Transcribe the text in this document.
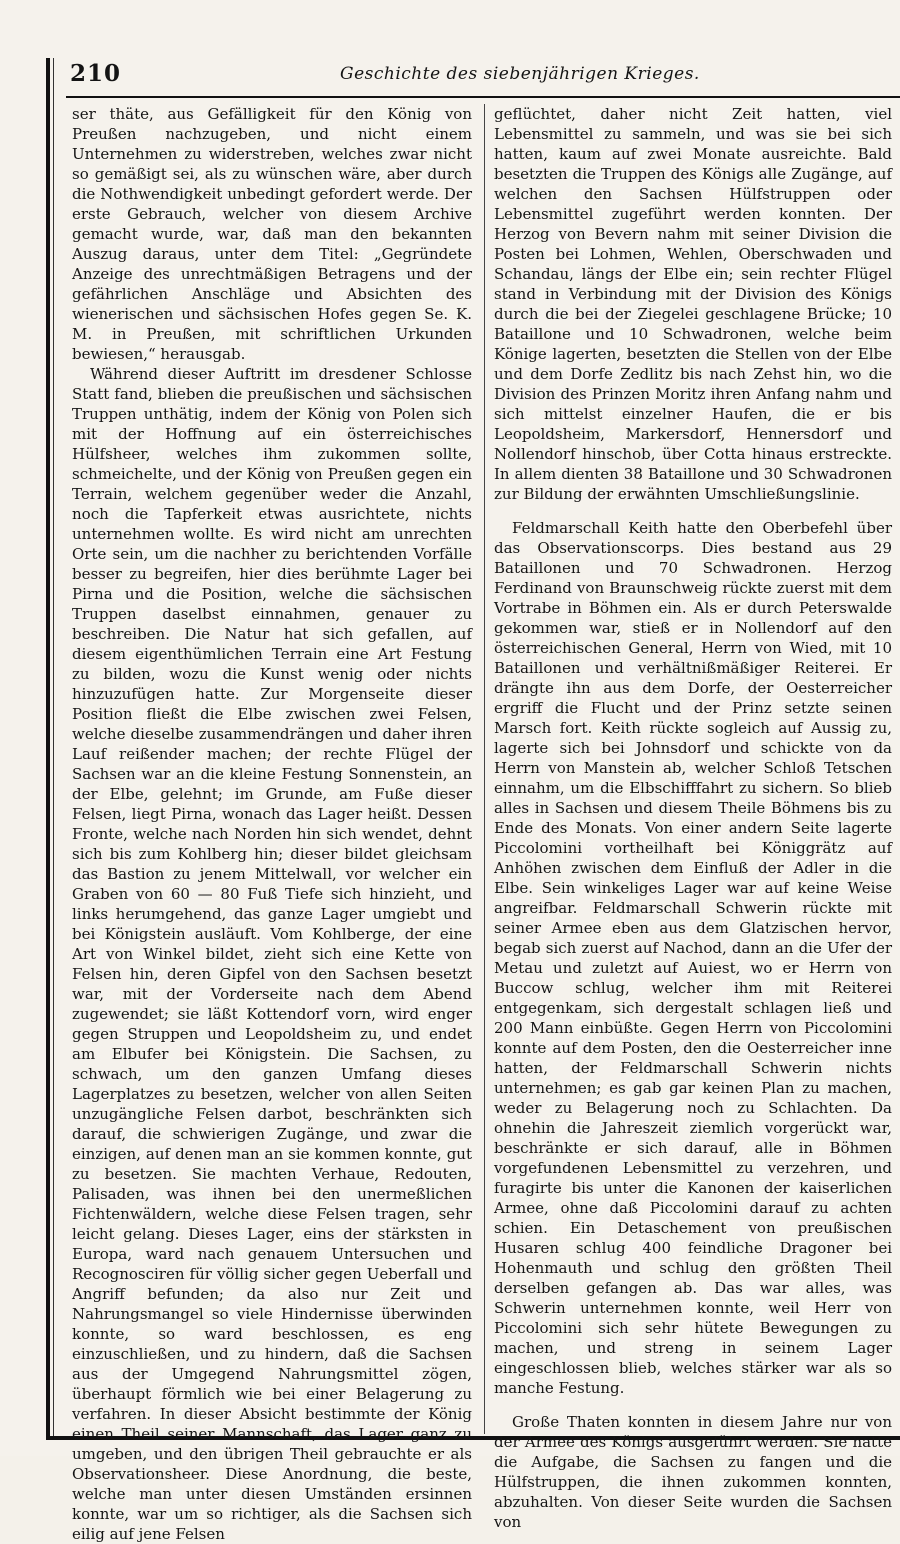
210	Geschichte des siebenjährigen Krieges.

ser thäte, aus Gefälligkeit für den König von Preußen nachzugeben, und nicht einem Unternehmen zu widerstreben, welches zwar nicht so gemäßigt sei, als zu wünschen wäre, aber durch die Nothwendigkeit unbedingt gefordert werde. Der erste Gebrauch, welcher von diesem Archive gemacht wurde, war, daß man den bekannten Auszug daraus, unter dem Titel: „Gegründete Anzeige des unrechtmäßigen Betragens und der gefährlichen Anschläge und Absichten des wienerischen und sächsischen Hofes gegen Se. K. M. in Preußen, mit schriftlichen Urkunden bewiesen,“ herausgab.

Während dieser Auftritt im dresdener Schlosse Statt fand, blieben die preußischen und sächsischen Truppen unthätig, indem der König von Polen sich mit der Hoffnung auf ein österreichisches Hülfsheer, welches ihm zukommen sollte, schmeichelte, und der König von Preußen gegen ein Terrain, welchem gegenüber weder die Anzahl, noch die Tapferkeit etwas ausrichtete, nichts unternehmen wollte. Es wird nicht am unrechten Orte sein, um die nachher zu berichtenden Vorfälle besser zu begreifen, hier dies berühmte Lager bei Pirna und die Position, welche die sächsischen Truppen daselbst einnahmen, genauer zu beschreiben. Die Natur hat sich gefallen, auf diesem eigenthümlichen Terrain eine Art Festung zu bilden, wozu die Kunst wenig oder nichts hinzuzufügen hatte. Zur Morgenseite dieser Position fließt die Elbe zwischen zwei Felsen, welche dieselbe zusammendrängen und daher ihren Lauf reißender machen; der rechte Flügel der Sachsen war an die kleine Festung Sonnenstein, an der Elbe, gelehnt; im Grunde, am Fuße dieser Felsen, liegt Pirna, wonach das Lager heißt. Dessen Fronte, welche nach Norden hin sich wendet, dehnt sich bis zum Kohlberg hin; dieser bildet gleichsam das Bastion zu jenem Mittelwall, vor welcher ein Graben von 60 — 80 Fuß Tiefe sich hinzieht, und links herumgehend, das ganze Lager umgiebt und bei Königstein ausläuft. Vom Kohlberge, der eine Art von Winkel bildet, zieht sich eine Kette von Felsen hin, deren Gipfel von den Sachsen besetzt war, mit der Vorderseite nach dem Abend zugewendet; sie läßt Kottendorf vorn, wird enger gegen Struppen und Leopoldsheim zu, und endet am Elbufer bei Königstein. Die Sachsen, zu schwach, um den ganzen Umfang dieses Lagerplatzes zu besetzen, welcher von allen Seiten unzugängliche Felsen darbot, beschränkten sich darauf, die schwierigen Zugänge, und zwar die einzigen, auf denen man an sie kommen konnte, gut zu besetzen. Sie machten Verhaue, Redouten, Palisaden, was ihnen bei den unermeßlichen Fichtenwäldern, welche diese Felsen tragen, sehr leicht gelang. Dieses Lager, eins der stärksten in Europa, ward nach genauem Untersuchen und Recognosciren für völlig sicher gegen Ueberfall und Angriff befunden; da also nur Zeit und Nahrungsmangel so viele Hindernisse überwinden konnte, so ward beschlossen, es eng einzuschließen, und zu hindern, daß die Sachsen aus der Umgegend Nahrungsmittel zögen, überhaupt förmlich wie bei einer Belagerung zu verfahren. In dieser Absicht bestimmte der König einen Theil seiner Mannschaft, das Lager ganz zu umgeben, und den übrigen Theil gebrauchte er als Observationsheer. Diese Anordnung, die beste, welche man unter diesen Umständen ersinnen konnte, war um so richtiger, als die Sachsen sich eilig auf jene Felsen

geflüchtet, daher nicht Zeit hatten, viel Lebensmittel zu sammeln, und was sie bei sich hatten, kaum auf zwei Monate ausreichte. Bald besetzten die Truppen des Königs alle Zugänge, auf welchen den Sachsen Hülfstruppen oder Lebensmittel zugeführt werden konnten. Der Herzog von Bevern nahm mit seiner Division die Posten bei Lohmen, Wehlen, Oberschwaden und Schandau, längs der Elbe ein; sein rechter Flügel stand in Verbindung mit der Division des Königs durch die bei der Ziegelei geschlagene Brücke; 10 Bataillone und 10 Schwadronen, welche beim Könige lagerten, besetzten die Stellen von der Elbe und dem Dorfe Zedlitz bis nach Zehst hin, wo die Division des Prinzen Moritz ihren Anfang nahm und sich mittelst einzelner Haufen, die er bis Leopoldsheim, Markersdorf, Hennersdorf und Nollendorf hinschob, über Cotta hinaus erstreckte. In allem dienten 38 Bataillone und 30 Schwadronen zur Bildung der erwähnten Umschließungslinie.

Feldmarschall Keith hatte den Oberbefehl über das Observationscorps. Dies bestand aus 29 Bataillonen und 70 Schwadronen. Herzog Ferdinand von Braunschweig rückte zuerst mit dem Vortrabe in Böhmen ein. Als er durch Peterswalde gekommen war, stieß er in Nollendorf auf den österreichischen General, Herrn von Wied, mit 10 Bataillonen und verhältnißmäßiger Reiterei. Er drängte ihn aus dem Dorfe, der Oesterreicher ergriff die Flucht und der Prinz setzte seinen Marsch fort. Keith rückte sogleich auf Aussig zu, lagerte sich bei Johnsdorf und schickte von da Herrn von Manstein ab, welcher Schloß Tetschen einnahm, um die Elbschifffahrt zu sichern. So blieb alles in Sachsen und diesem Theile Böhmens bis zu Ende des Monats. Von einer andern Seite lagerte Piccolomini vortheilhaft bei Königgrätz auf Anhöhen zwischen dem Einfluß der Adler in die Elbe. Sein winkeliges Lager war auf keine Weise angreifbar. Feldmarschall Schwerin rückte mit seiner Armee eben aus dem Glatzischen hervor, begab sich zuerst auf Nachod, dann an die Ufer der Metau und zuletzt auf Auiest, wo er Herrn von Buccow schlug, welcher ihm mit Reiterei entgegenkam, sich dergestalt schlagen ließ und 200 Mann einbüßte. Gegen Herrn von Piccolomini konnte auf dem Posten, den die Oesterreicher inne hatten, der Feldmarschall Schwerin nichts unternehmen; es gab gar keinen Plan zu machen, weder zu Belagerung noch zu Schlachten. Da ohnehin die Jahreszeit ziemlich vorgerückt war, beschränkte er sich darauf, alle in Böhmen vorgefundenen Lebensmittel zu verzehren, und furagirte bis unter die Kanonen der kaiserlichen Armee, ohne daß Piccolomini darauf zu achten schien. Ein Detaschement von preußischen Husaren schlug 400 feindliche Dragoner bei Hohenmauth und schlug den größten Theil derselben gefangen ab. Das war alles, was Schwerin unternehmen konnte, weil Herr von Piccolomini sich sehr hütete Bewegungen zu machen, und streng in seinem Lager eingeschlossen blieb, welches stärker war als so manche Festung.

Große Thaten konnten in diesem Jahre nur von der Armee des Königs ausgeführt werden. Sie hatte die Aufgabe, die Sachsen zu fangen und die Hülfstruppen, die ihnen zukommen konnten, abzuhalten. Von dieser Seite wurden die Sachsen von
